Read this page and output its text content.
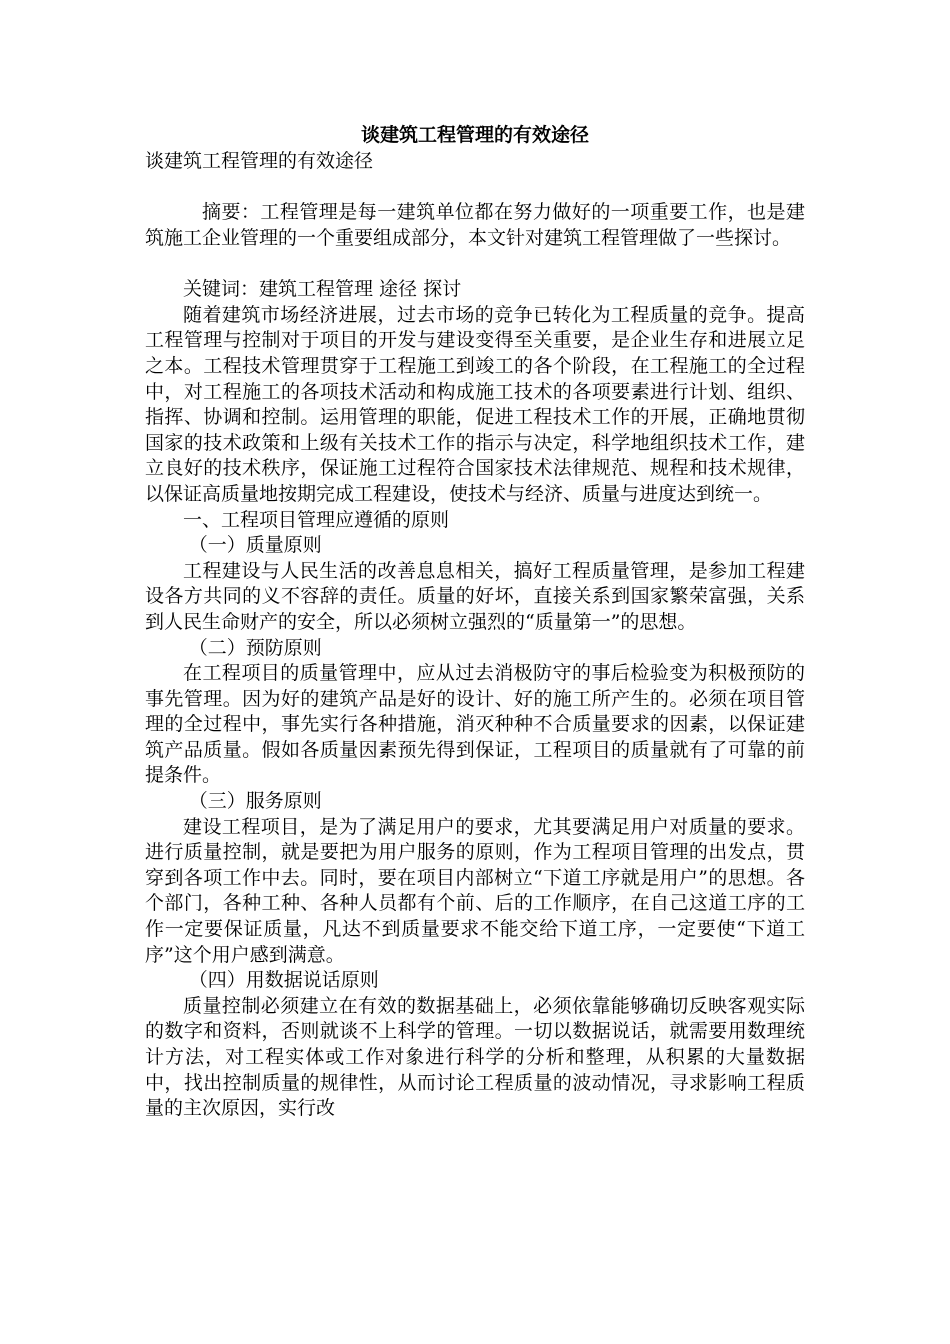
谈建筑工程管理的有效途径

谈建筑工程管理的有效途径

摘要：工程管理是每一建筑单位都在努力做好的一项重要工作，也是建筑施工企业管理的一个重要组成部分，本文针对建筑工程管理做了一些探讨。

关键词：建筑工程管理 途径 探讨

随着建筑市场经济进展，过去市场的竞争已转化为工程质量的竞争。提高工程管理与控制对于项目的开发与建设变得至关重要，是企业生存和进展立足之本。工程技术管理贯穿于工程施工到竣工的各个阶段，在工程施工的全过程中，对工程施工的各项技术活动和构成施工技术的各项要素进行计划、组织、指挥、协调和控制。运用管理的职能，促进工程技术工作的开展，正确地贯彻国家的技术政策和上级有关技术工作的指示与决定，科学地组织技术工作，建立良好的技术秩序，保证施工过程符合国家技术法律规范、规程和技术规律，以保证高质量地按期完成工程建设，使技术与经济、质量与进度达到统一。

一、工程项目管理应遵循的原则

（一）质量原则

工程建设与人民生活的改善息息相关，搞好工程质量管理，是参加工程建设各方共同的义不容辞的责任。质量的好坏，直接关系到国家繁荣富强，关系到人民生命财产的安全，所以必须树立强烈的“质量第一”的思想。

（二）预防原则

在工程项目的质量管理中，应从过去消极防守的事后检验变为积极预防的事先管理。因为好的建筑产品是好的设计、好的施工所产生的。必须在项目管理的全过程中，事先实行各种措施，消灭种种不合质量要求的因素，以保证建筑产品质量。假如各质量因素预先得到保证，工程项目的质量就有了可靠的前提条件。

（三）服务原则

建设工程项目，是为了满足用户的要求，尤其要满足用户对质量的要求。进行质量控制，就是要把为用户服务的原则，作为工程项目管理的出发点，贯穿到各项工作中去。同时，要在项目内部树立“下道工序就是用户”的思想。各个部门，各种工种、各种人员都有个前、后的工作顺序，在自己这道工序的工作一定要保证质量，凡达不到质量要求不能交给下道工序，一定要使“下道工序”这个用户感到满意。

（四）用数据说话原则

质量控制必须建立在有效的数据基础上，必须依靠能够确切反映客观实际的数字和资料，否则就谈不上科学的管理。一切以数据说话，就需要用数理统计方法，对工程实体或工作对象进行科学的分析和整理，从积累的大量数据中，找出控制质量的规律性，从而讨论工程质量的波动情况，寻求影响工程质量的主次原因，实行改
